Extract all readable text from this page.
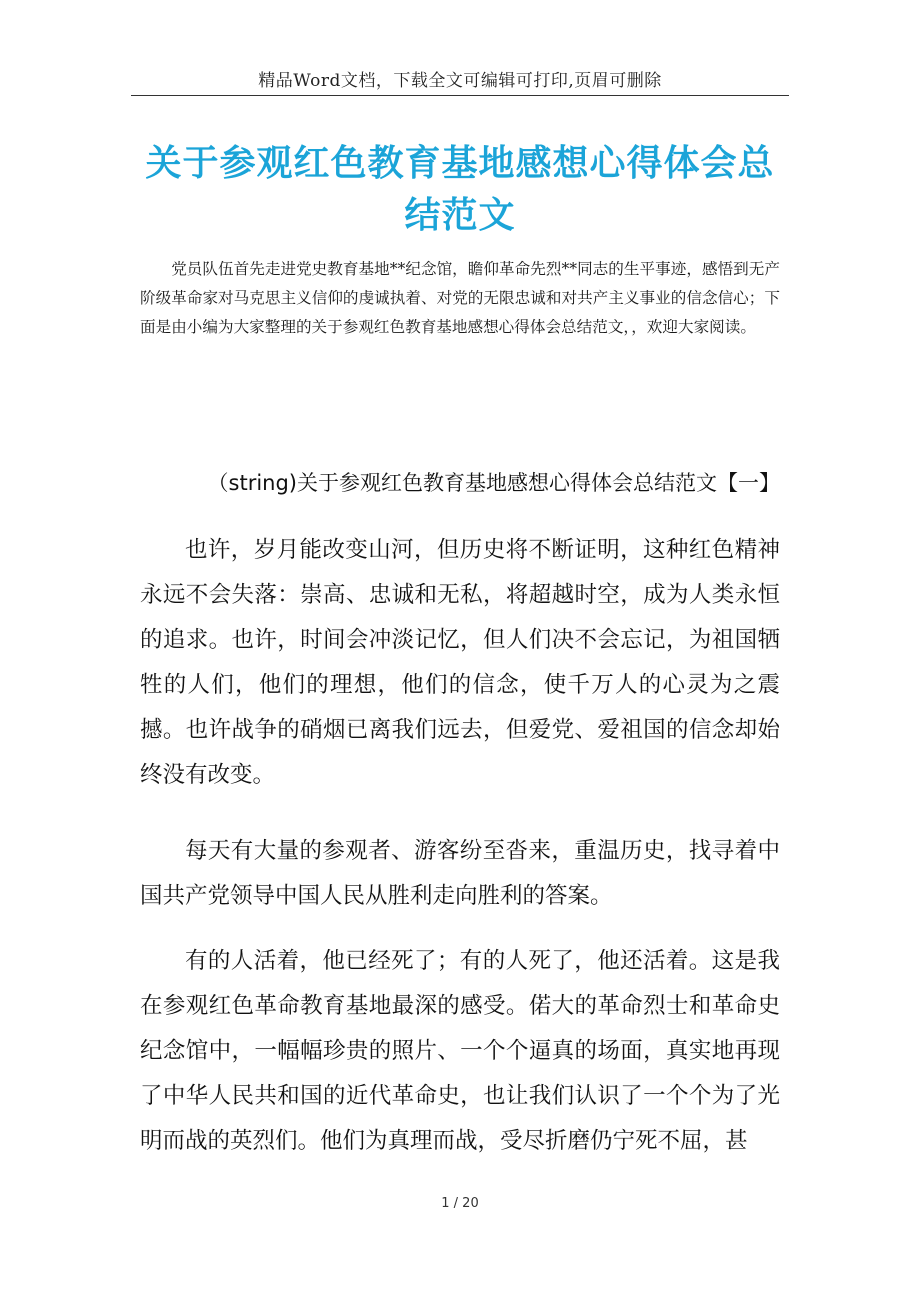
精品Word文档，下载全文可编辑可打印,页眉可删除
关于参观红色教育基地感想心得体会总
结范文

党员队伍首先走进党史教育基地**纪念馆，瞻仰革命先烈**同志的生平事迹，感悟到无产阶级革命家对马克思主义信仰的虔诚执着、对党的无限忠诚和对共产主义事业的信念信心；下面是由小编为大家整理的关于参观红色教育基地感想心得体会总结范文，，欢迎大家阅读。

（string)关于参观红色教育基地感想心得体会总结范文【一】

也许，岁月能改变山河，但历史将不断证明，这种红色精神永远不会失落：崇高、忠诚和无私，将超越时空，成为人类永恒的追求。也许，时间会冲淡记忆，但人们决不会忘记，为祖国牺牲的人们，他们的理想，他们的信念，使千万人的心灵为之震撼。也许战争的硝烟已离我们远去，但爱党、爱祖国的信念却始终没有改变。

每天有大量的参观者、游客纷至沓来，重温历史，找寻着中国共产党领导中国人民从胜利走向胜利的答案。

有的人活着，他已经死了；有的人死了，他还活着。这是我在参观红色革命教育基地最深的感受。偌大的革命烈士和革命史纪念馆中，一幅幅珍贵的照片、一个个逼真的场面，真实地再现了中华人民共和国的近代革命史，也让我们认识了一个个为了光明而战的英烈们。他们为真理而战，受尽折磨仍宁死不屈，甚

1 / 20
